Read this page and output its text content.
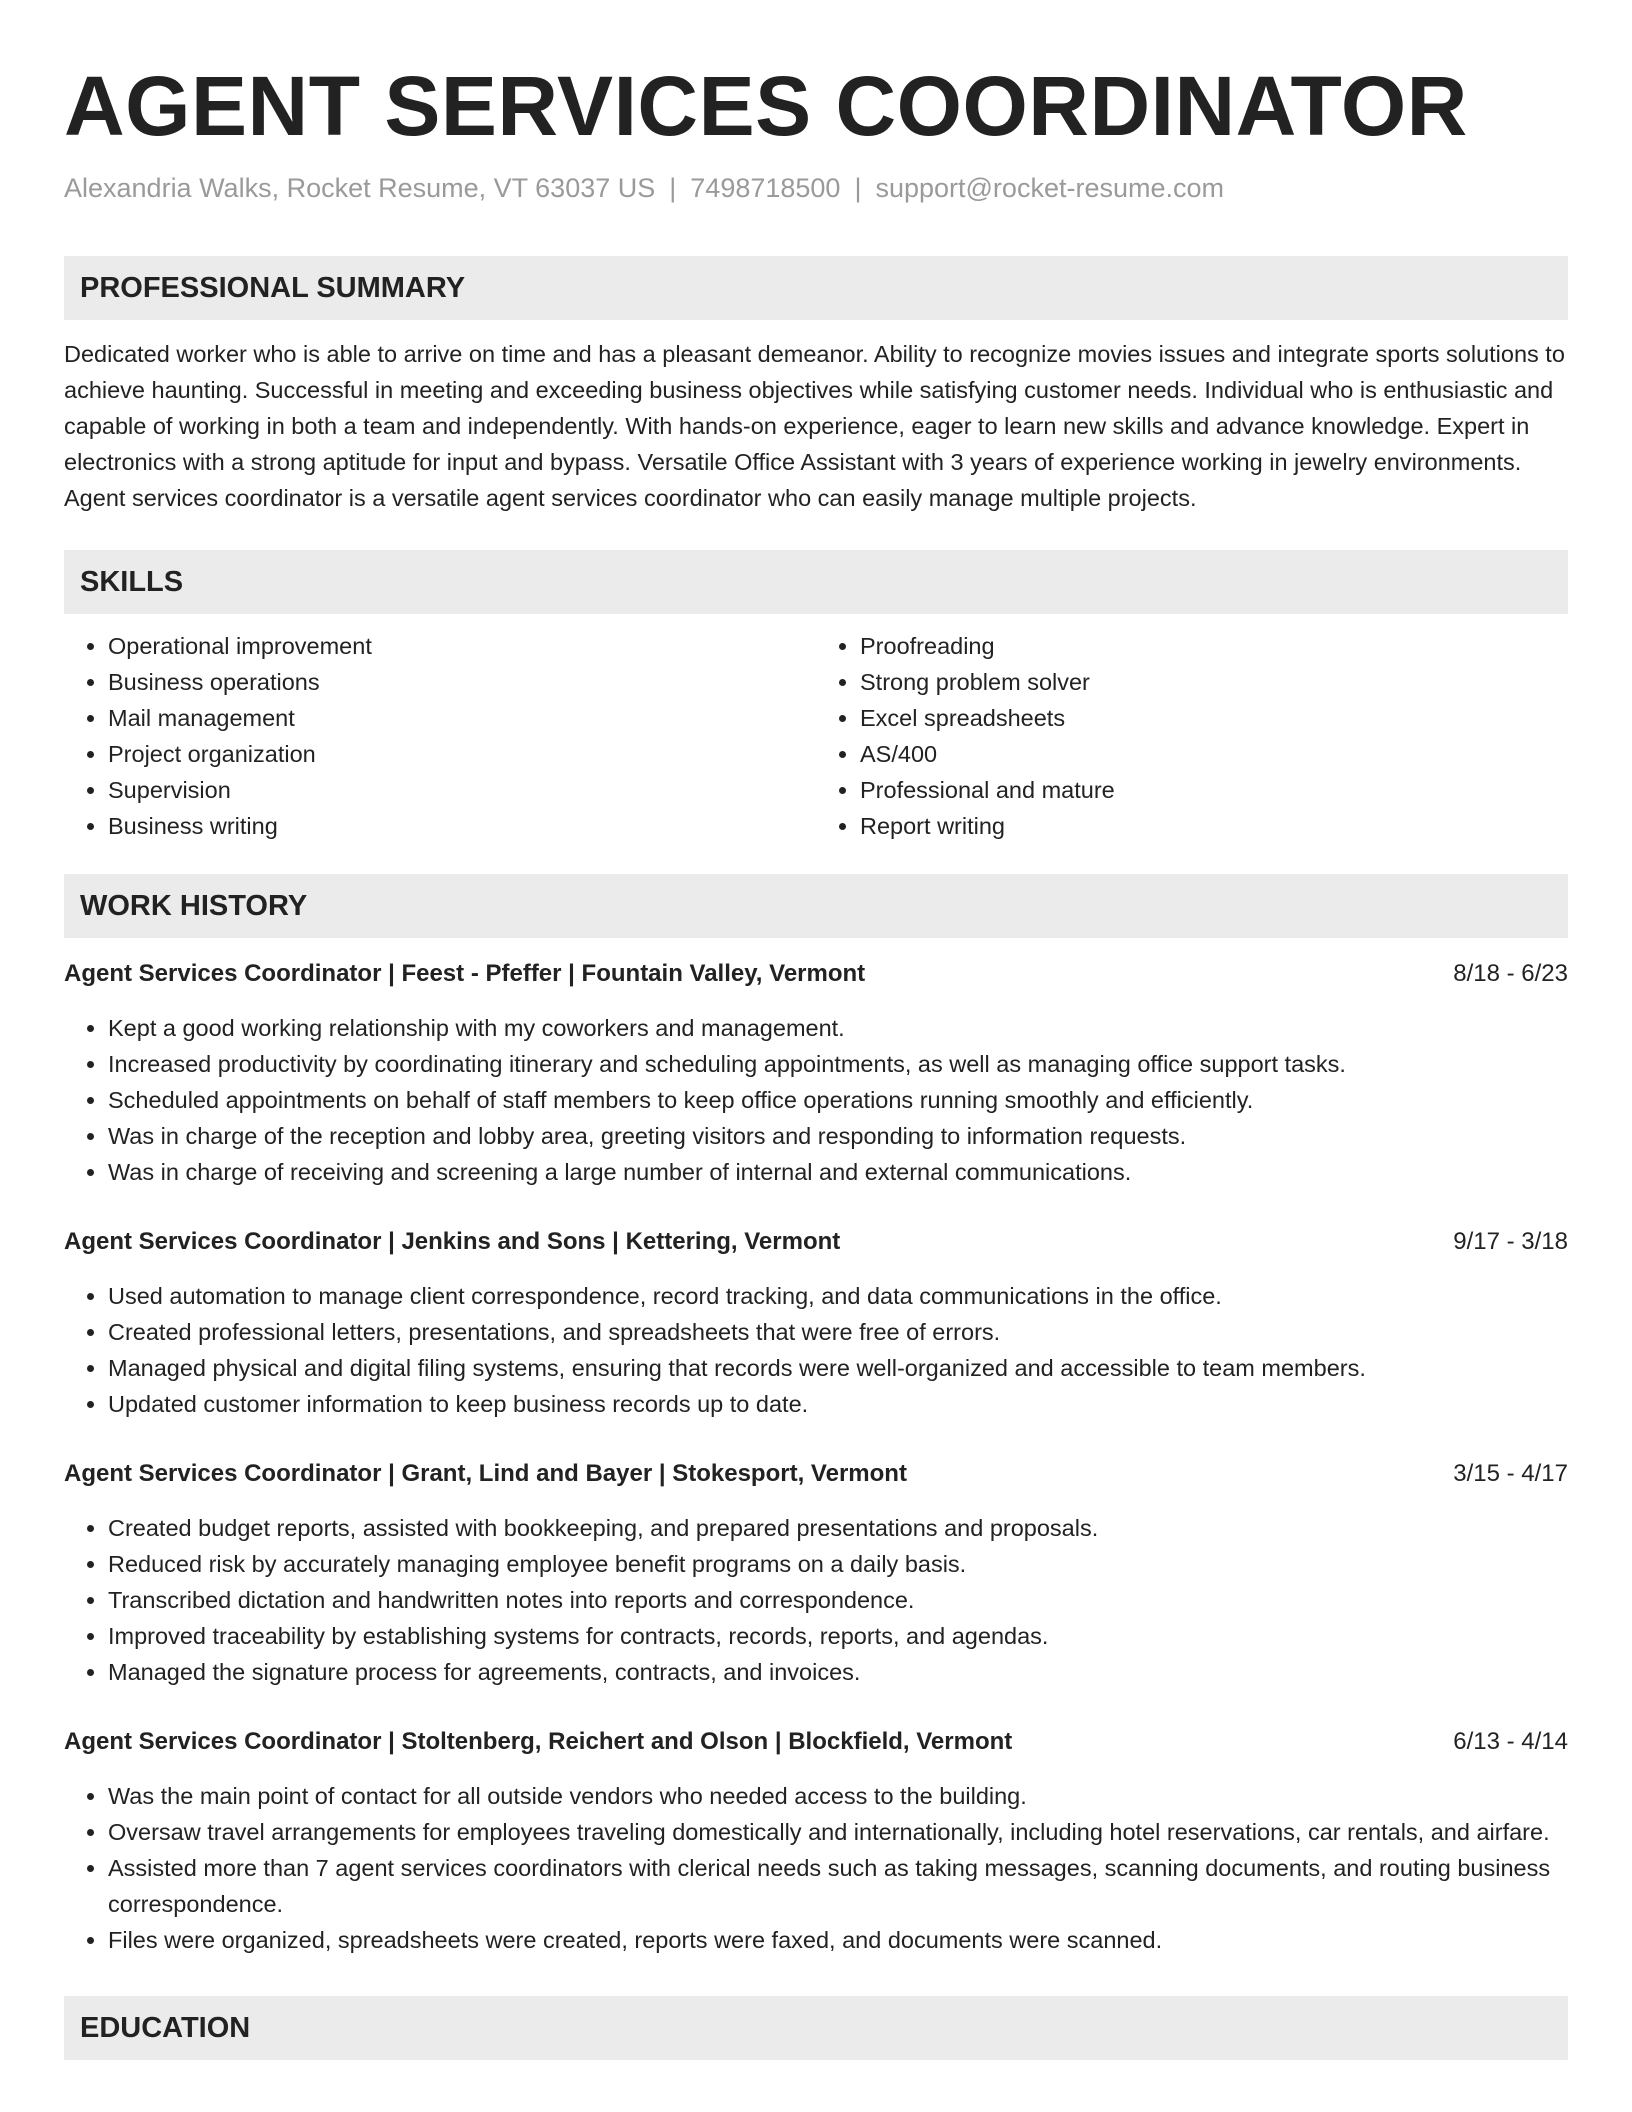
AGENT SERVICES COORDINATOR
Alexandria Walks, Rocket Resume, VT 63037 US | 7498718500 | support@rocket-resume.com
PROFESSIONAL SUMMARY
Dedicated worker who is able to arrive on time and has a pleasant demeanor. Ability to recognize movies issues and integrate sports solutions to achieve haunting. Successful in meeting and exceeding business objectives while satisfying customer needs. Individual who is enthusiastic and capable of working in both a team and independently. With hands-on experience, eager to learn new skills and advance knowledge. Expert in electronics with a strong aptitude for input and bypass. Versatile Office Assistant with 3 years of experience working in jewelry environments. Agent services coordinator is a versatile agent services coordinator who can easily manage multiple projects.
SKILLS
• Operational improvement
• Business operations
• Mail management
• Project organization
• Supervision
• Business writing
• Proofreading
• Strong problem solver
• Excel spreadsheets
• AS/400
• Professional and mature
• Report writing
WORK HISTORY
Agent Services Coordinator | Feest - Pfeffer | Fountain Valley, Vermont	8/18 - 6/23
• Kept a good working relationship with my coworkers and management.
• Increased productivity by coordinating itinerary and scheduling appointments, as well as managing office support tasks.
• Scheduled appointments on behalf of staff members to keep office operations running smoothly and efficiently.
• Was in charge of the reception and lobby area, greeting visitors and responding to information requests.
• Was in charge of receiving and screening a large number of internal and external communications.
Agent Services Coordinator | Jenkins and Sons | Kettering, Vermont	9/17 - 3/18
• Used automation to manage client correspondence, record tracking, and data communications in the office.
• Created professional letters, presentations, and spreadsheets that were free of errors.
• Managed physical and digital filing systems, ensuring that records were well-organized and accessible to team members.
• Updated customer information to keep business records up to date.
Agent Services Coordinator | Grant, Lind and Bayer | Stokesport, Vermont	3/15 - 4/17
• Created budget reports, assisted with bookkeeping, and prepared presentations and proposals.
• Reduced risk by accurately managing employee benefit programs on a daily basis.
• Transcribed dictation and handwritten notes into reports and correspondence.
• Improved traceability by establishing systems for contracts, records, reports, and agendas.
• Managed the signature process for agreements, contracts, and invoices.
Agent Services Coordinator | Stoltenberg, Reichert and Olson | Blockfield, Vermont	6/13 - 4/14
• Was the main point of contact for all outside vendors who needed access to the building.
• Oversaw travel arrangements for employees traveling domestically and internationally, including hotel reservations, car rentals, and airfare.
• Assisted more than 7 agent services coordinators with clerical needs such as taking messages, scanning documents, and routing business correspondence.
• Files were organized, spreadsheets were created, reports were faxed, and documents were scanned.
EDUCATION
